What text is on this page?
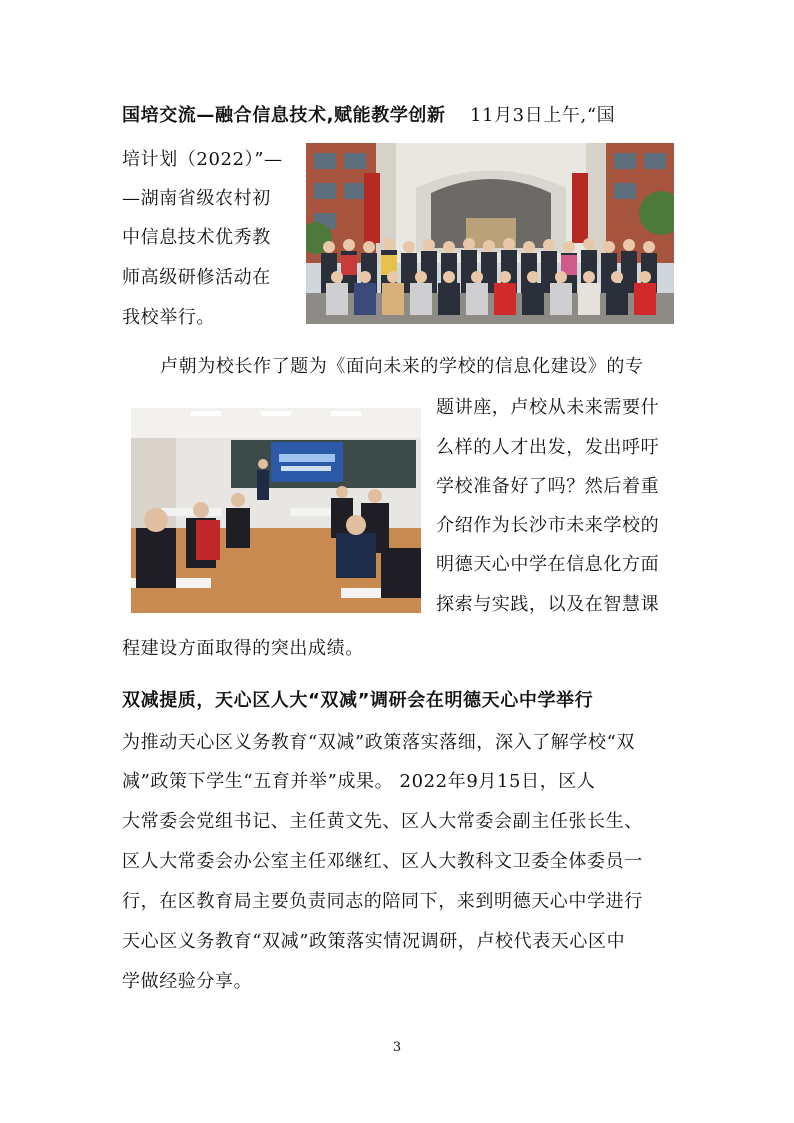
国培交流—融合信息技术,赋能教学创新 11月3日上午,“国
培计划（2022）”—
—湖南省级农村初
中信息技术优秀教
师高级研修活动在
我校举行。
卢朝为校长作了题为《面向未来的学校的信息化建设》的专
题讲座，卢校从未来需要什
么样的人才出发，发出呼吁
学校准备好了吗？然后着重
介绍作为长沙市未来学校的
明德天心中学在信息化方面
探索与实践，以及在智慧课
程建设方面取得的突出成绩。
双减提质，天心区人大“双减”调研会在明德天心中学举行
为推动天心区义务教育“双减”政策落实落细，深入了解学校“双
减”政策下学生“五育并举”成果。 2022年9月15日，区人
大常委会党组书记、主任黄文先、区人大常委会副主任张长生、
区人大常委会办公室主任邓继红、区人大教科文卫委全体委员一
行，在区教育局主要负责同志的陪同下，来到明德天心中学进行
天心区义务教育“双减”政策落实情况调研，卢校代表天心区中
学做经验分享。
3
